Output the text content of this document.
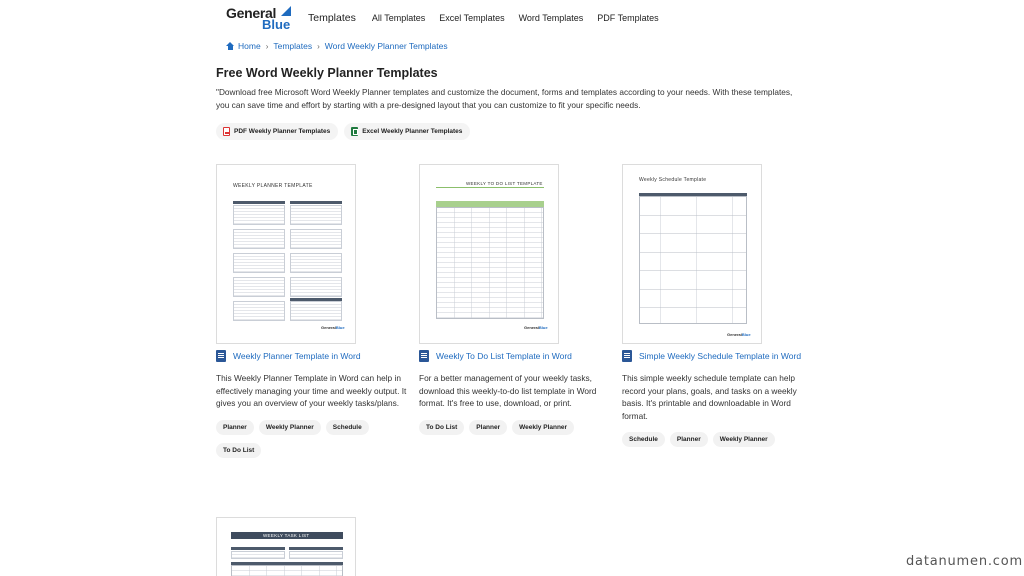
General
Blue Templates All Templates Excel Templates Word Templates PDF Templates
Home › Templates › Word Weekly Planner Templates
Free Word Weekly Planner Templates

"Download free Microsoft Word Weekly Planner templates and customize the document, forms and templates according to your needs. With these templates, you can save time and effort by starting with a pre-designed layout that you can customize to fit your specific needs.

PDF Weekly Planner Templates	Excel Weekly Planner Templates
WEEKLY PLANNER TEMPLATE
GeneralBlue
Weekly Planner Template in Word

This Weekly Planner Template in Word can help in effectively managing your time and weekly output. It gives you an overview of your weekly tasks/plans.

Planner	Weekly Planner	Schedule
To Do List
WEEKLY TO DO LIST TEMPLATE
GeneralBlue
Weekly To Do List Template in Word

For a better management of your weekly tasks, download this weekly-to-do list template in Word format. It's free to use, download, or print.

To Do List	Planner	Weekly Planner
Weekly Schedule Template
GeneralBlue
Simple Weekly Schedule Template in Word

This simple weekly schedule template can help record your plans, goals, and tasks on a weekly basis. It's printable and downloadable in Word format.

Schedule	Planner	Weekly Planner
WEEKLY TASK LIST
datanumen.com
